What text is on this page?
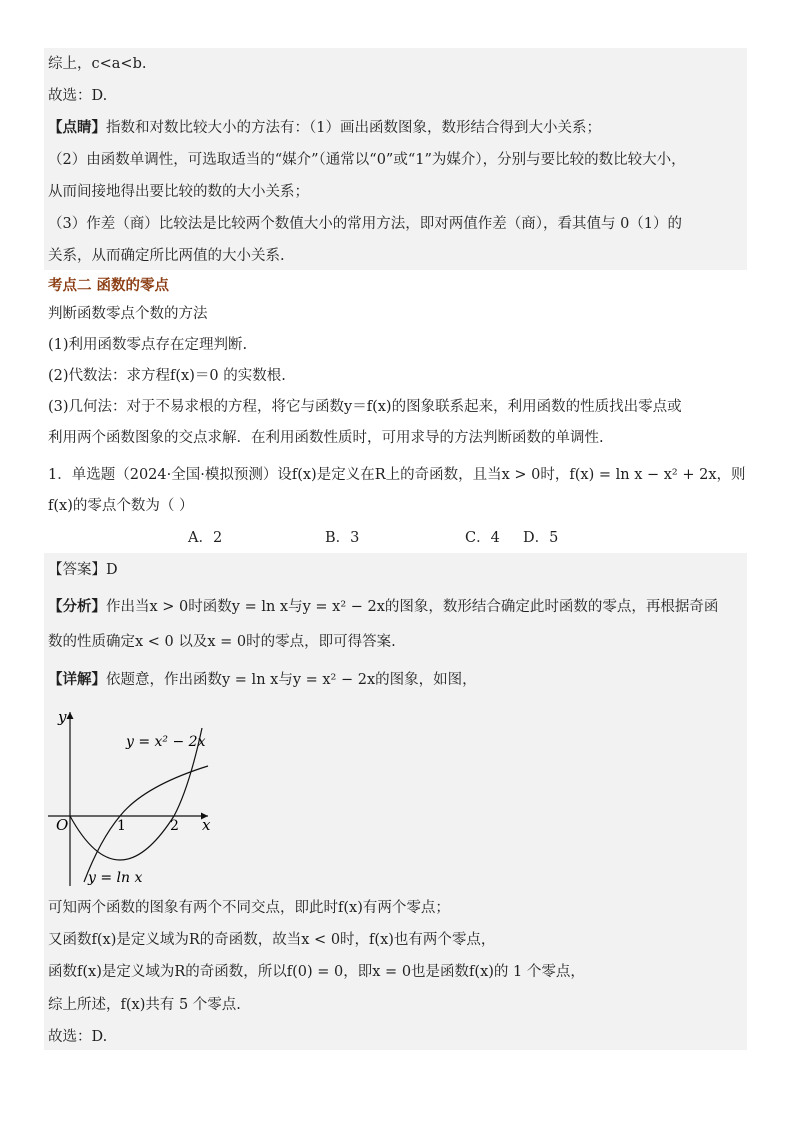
综上，c<a<b.
故选：D.
【点睛】指数和对数比较大小的方法有：（1）画出函数图象，数形结合得到大小关系；
（2）由函数单调性，可选取适当的“媒介”（通常以“0”或“1”为媒介），分别与要比较的数比较大小，
从而间接地得出要比较的数的大小关系；
（3）作差（商）比较法是比较两个数值大小的常用方法，即对两值作差（商），看其值与 0（1）的
关系，从而确定所比两值的大小关系.
考点二 函数的零点
判断函数零点个数的方法
(1)利用函数零点存在定理判断.
(2)代数法：求方程f(x)＝0 的实数根.
(3)几何法：对于不易求根的方程，将它与函数y＝f(x)的图象联系起来，利用函数的性质找出零点或
利用两个函数图象的交点求解．在利用函数性质时，可用求导的方法判断函数的单调性.
1．单选题（2024·全国·模拟预测）设f(x)是定义在R上的奇函数，且当x > 0时，f(x) = ln x − x² + 2x，则
f(x)的零点个数为（ ）
A．2	B．3	C．4 D．5
【答案】D
【分析】作出当x > 0时函数y = ln x与y = x² − 2x的图象，数形结合确定此时函数的零点，再根据奇函
数的性质确定x < 0 以及x = 0时的零点，即可得答案.
【详解】依题意，作出函数y = ln x与y = x² − 2x的图象，如图，
y
x
O	1	2
y = x² − 2x
y = ln x
可知两个函数的图象有两个不同交点，即此时f(x)有两个零点；
又函数f(x)是定义域为R的奇函数，故当x < 0时，f(x)也有两个零点，
函数f(x)是定义域为R的奇函数，所以f(0) = 0，即x = 0也是函数f(x)的 1 个零点，
综上所述，f(x)共有 5 个零点.
故选：D.
